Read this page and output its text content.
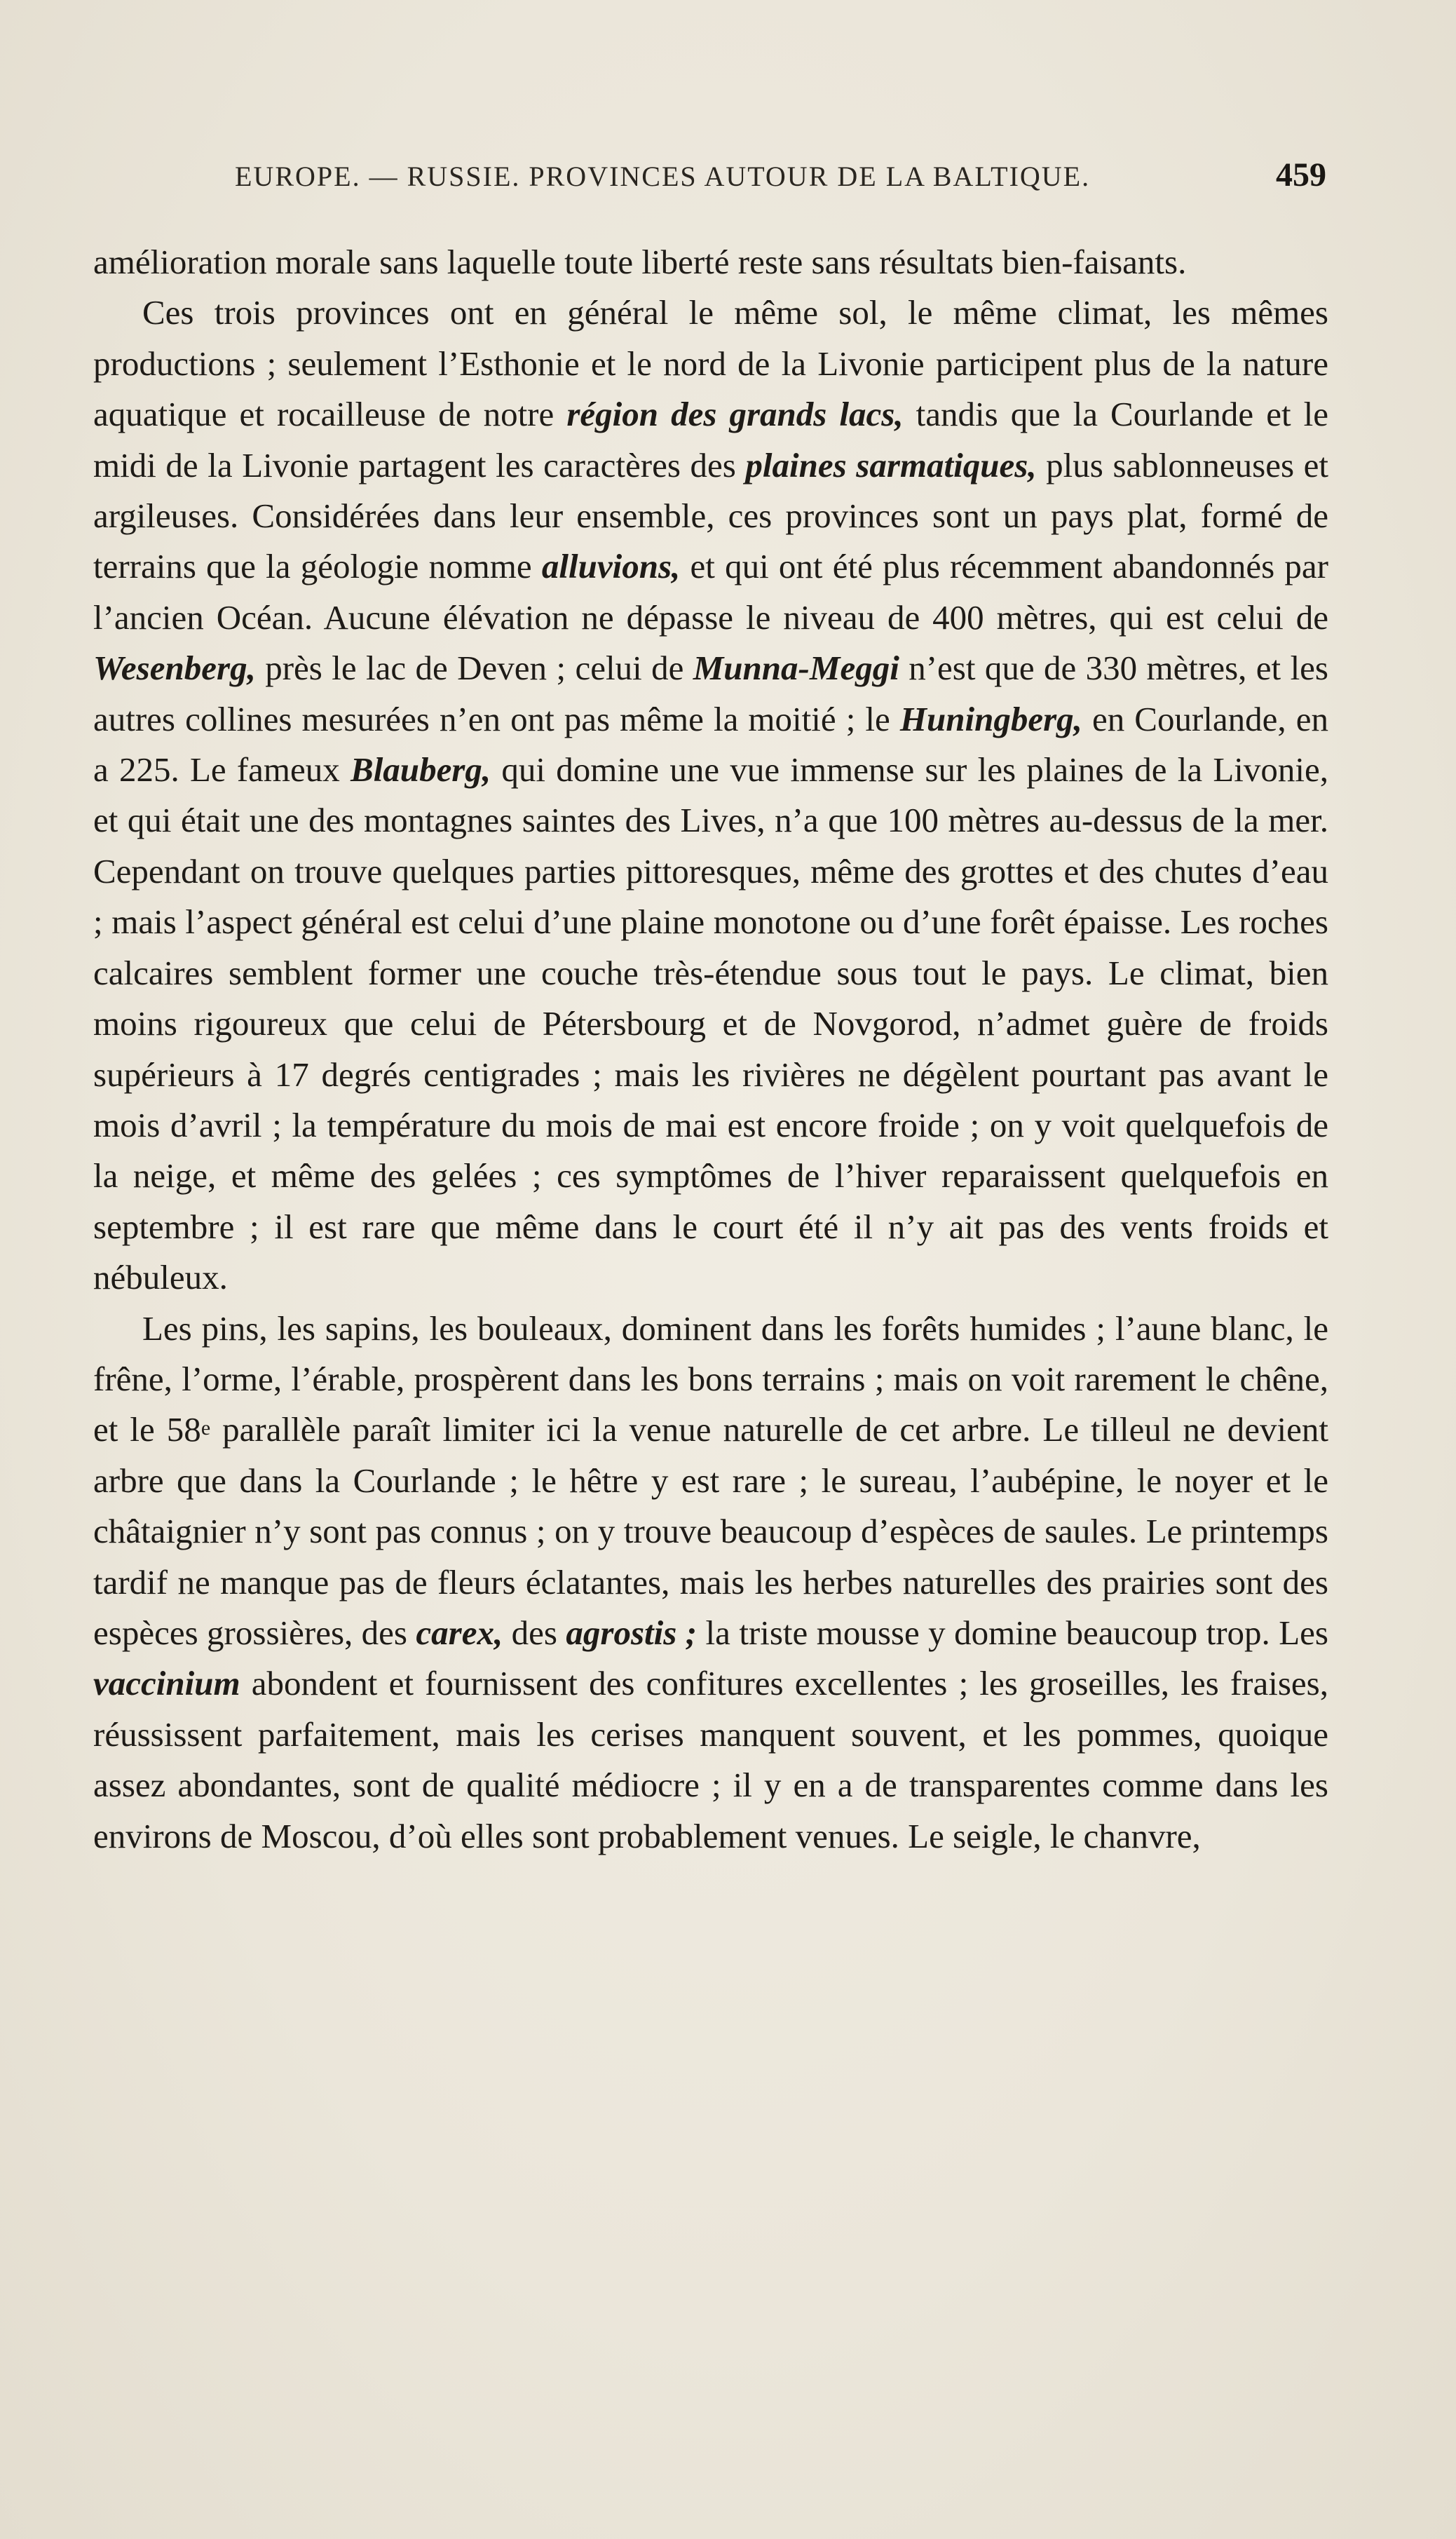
EUROPE. — RUSSIE. PROVINCES AUTOUR DE LA BALTIQUE.	459

amélioration morale sans laquelle toute liberté reste sans résultats bien-faisants.

Ces trois provinces ont en général le même sol, le même climat, les mêmes productions ; seulement l’Esthonie et le nord de la Livonie participent plus de la nature aquatique et rocailleuse de notre région des grands lacs, tandis que la Courlande et le midi de la Livonie partagent les caractères des plaines sarmatiques, plus sablonneuses et argileuses. Considérées dans leur ensemble, ces provinces sont un pays plat, formé de terrains que la géologie nomme alluvions, et qui ont été plus récemment abandonnés par l’ancien Océan. Aucune élévation ne dépasse le niveau de 400 mètres, qui est celui de Wesenberg, près le lac de Deven ; celui de Munna-Meggi n’est que de 330 mètres, et les autres collines mesurées n’en ont pas même la moitié ; le Huningberg, en Courlande, en a 225. Le fameux Blauberg, qui domine une vue immense sur les plaines de la Livonie, et qui était une des montagnes saintes des Lives, n’a que 100 mètres au-dessus de la mer. Cependant on trouve quelques parties pittoresques, même des grottes et des chutes d’eau ; mais l’aspect général est celui d’une plaine monotone ou d’une forêt épaisse. Les roches calcaires semblent former une couche très-étendue sous tout le pays. Le climat, bien moins rigoureux que celui de Pétersbourg et de Novgorod, n’admet guère de froids supérieurs à 17 degrés centigrades ; mais les rivières ne dégèlent pourtant pas avant le mois d’avril ; la température du mois de mai est encore froide ; on y voit quelquefois de la neige, et même des gelées ; ces symptômes de l’hiver reparaissent quelquefois en septembre ; il est rare que même dans le court été il n’y ait pas des vents froids et nébuleux.

Les pins, les sapins, les bouleaux, dominent dans les forêts humides ; l’aune blanc, le frêne, l’orme, l’érable, prospèrent dans les bons terrains ; mais on voit rarement le chêne, et le 58e parallèle paraît limiter ici la venue naturelle de cet arbre. Le tilleul ne devient arbre que dans la Courlande ; le hêtre y est rare ; le sureau, l’aubépine, le noyer et le châtaignier n’y sont pas connus ; on y trouve beaucoup d’espèces de saules. Le printemps tardif ne manque pas de fleurs éclatantes, mais les herbes naturelles des prairies sont des espèces grossières, des carex, des agrostis ; la triste mousse y domine beaucoup trop. Les vaccinium abondent et fournissent des confitures excellentes ; les groseilles, les fraises, réussissent parfaitement, mais les cerises manquent souvent, et les pommes, quoique assez abondantes, sont de qualité médiocre ; il y en a de transparentes comme dans les environs de Moscou, d’où elles sont probablement venues. Le seigle, le chanvre,
